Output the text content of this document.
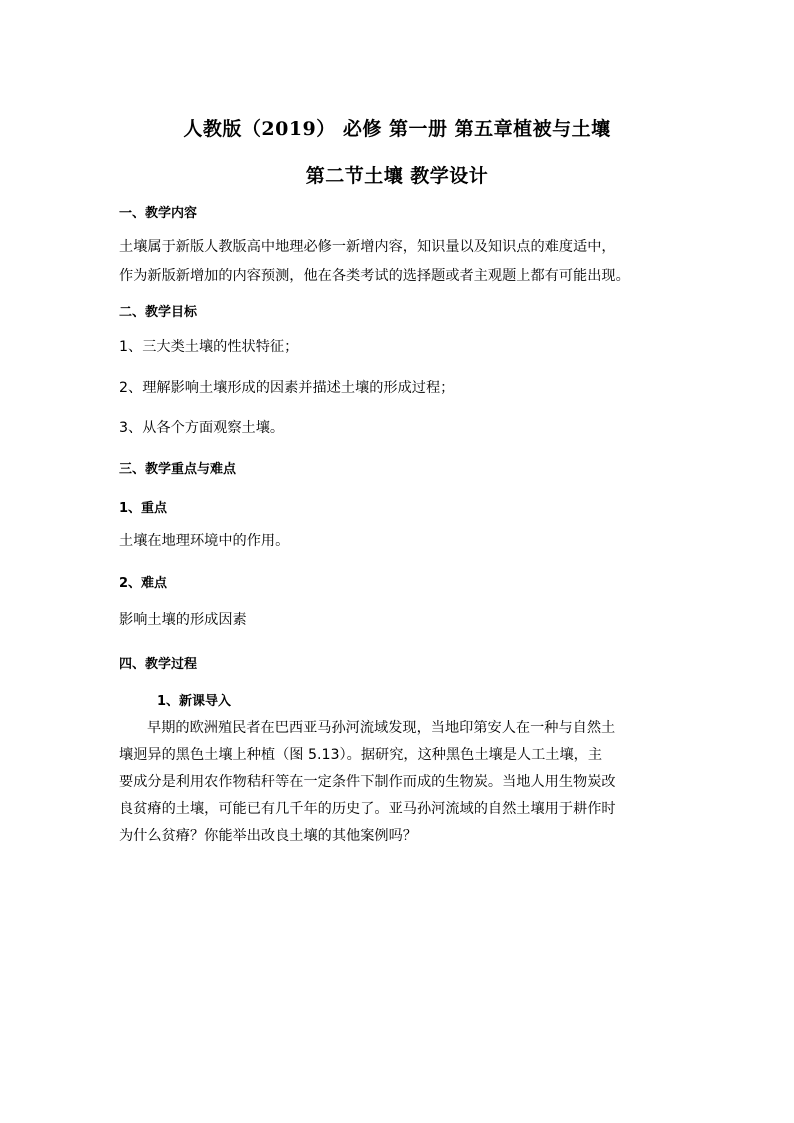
人教版（2019） 必修 第一册 第五章植被与土壤
第二节土壤 教学设计
一、教学内容
土壤属于新版人教版高中地理必修一新增内容，知识量以及知识点的难度适中，
作为新版新增加的内容预测，他在各类考试的选择题或者主观题上都有可能出现。
二、教学目标
1、三大类土壤的性状特征；
2、理解影响土壤形成的因素并描述土壤的形成过程；
3、从各个方面观察土壤。
三、教学重点与难点
1、重点
土壤在地理环境中的作用。
2、难点
影响土壤的形成因素
四、教学过程
1、新课导入
早期的欧洲殖民者在巴西亚马孙河流域发现，当地印第安人在一种与自然土
壤迥异的黑色土壤上种植（图 5.13）。据研究，这种黑色土壤是人工土壤，主
要成分是利用农作物秸秆等在一定条件下制作而成的生物炭。当地人用生物炭改
良贫瘠的土壤，可能已有几千年的历史了。亚马孙河流域的自然土壤用于耕作时
为什么贫瘠？你能举出改良土壤的其他案例吗？
